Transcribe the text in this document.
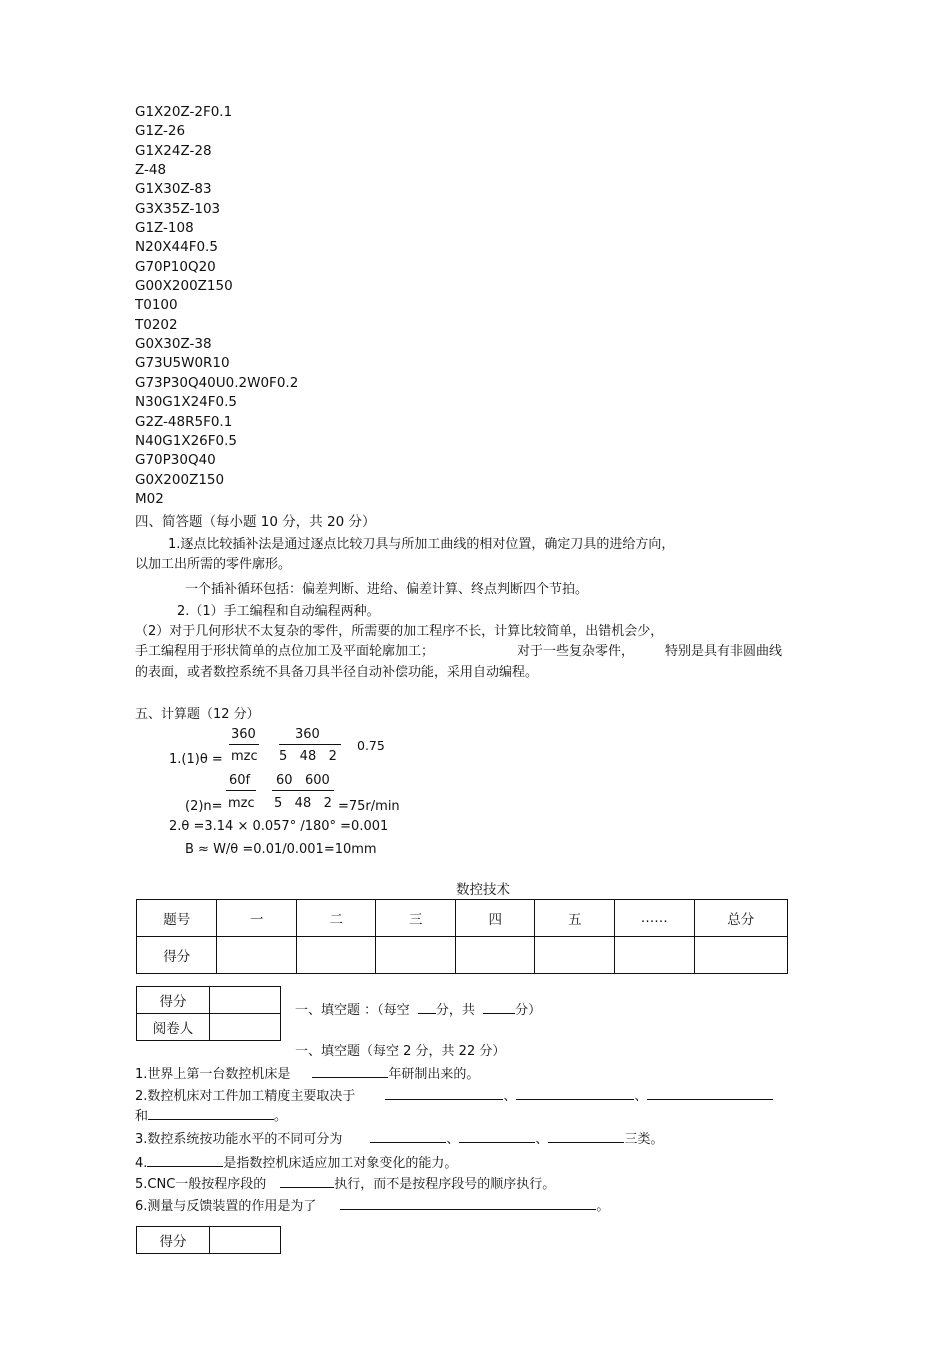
G1X20Z-2F0.1
G1Z-26
G1X24Z-28
Z-48
G1X30Z-83
G3X35Z-103
G1Z-108
N20X44F0.5
G70P10Q20
G00X200Z150
T0100
T0202
G0X30Z-38
G73U5W0R10
G73P30Q40U0.2W0F0.2
N30G1X24F0.5
G2Z-48R5F0.1
N40G1X26F0.5
G70P30Q40
G0X200Z150
M02
四、简答题（每小题 10 分，共 20 分）
1.逐点比较插补法是通过逐点比较刀具与所加工曲线的相对位置，确定刀具的进给方向，
以加工出所需的零件廓形。
一个插补循环包括：偏差判断、进给、偏差计算、终点判断四个节拍。
2.（1）手工编程和自动编程两种。
（2）对于几何形状不太复杂的零件，所需要的加工程序不长，计算比较简单，出错机会少，
手工编程用于形状简单的点位加工及平面轮廓加工；	对于一些复杂零件， 特别是具有非圆曲线
的表面，或者数控系统不具备刀具半径自动补偿功能，采用自动编程。
五、计算题（12 分）
360	360
0.75
1.(1)θ = mzc 5   48   2
60f 60   600
(2)n= mzc 5   48   2 =75r/min
2.θ =3.14 × 0.057° /180° =0.001
B ≈ W/θ =0.01/0.001=10mm
数控技术
题号	一	二	三	四	五	……	总分
得分							
得分	
阅卷人	
一、填空题 ：（每空  分，共  分）
一、填空题（每空 2 分，共 22 分）
1.世界上第一台数控机床是	年研制出来的。
2.数控机床对工件加工精度主要取决于	、	、
和	。
3.数控系统按功能水平的不同可分为	、	、	三类。
4.	是指数控机床适应加工对象变化的能力。
5.CNC一般按程序段的	执行，而不是按程序段号的顺序执行。
6.测量与反馈装置的作用是为了	。
得分	
